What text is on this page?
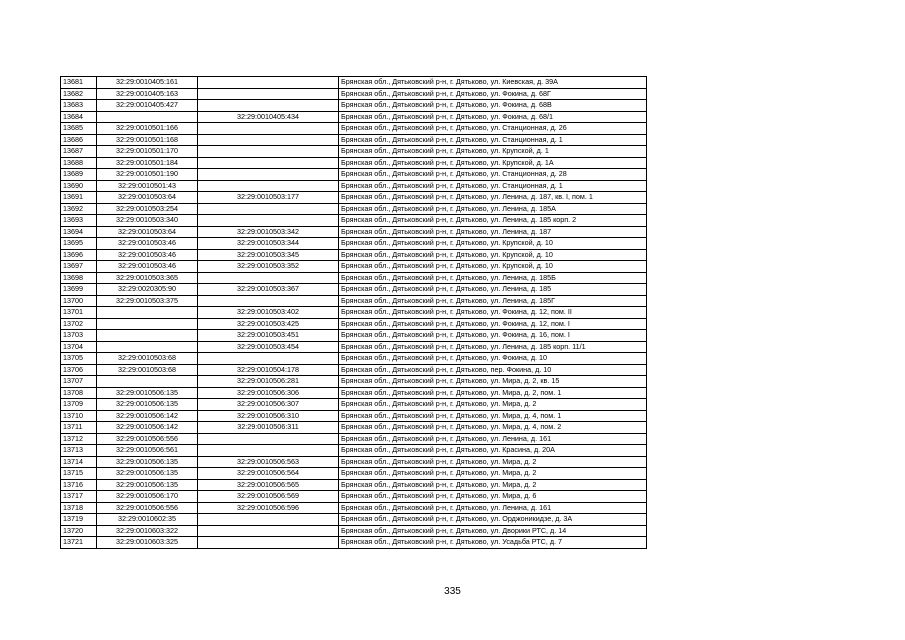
13681	32:29:0010405:161		Брянская обл., Дятьковский р-н, г. Дятьково, ул. Киевская, д. 39А
13682	32:29:0010405:163		Брянская обл., Дятьковский р-н, г. Дятьково, ул. Фокина, д. 68Г
13683	32:29:0010405:427		Брянская обл., Дятьковский р-н, г. Дятьково, ул. Фокина, д. 68В
13684		32:29:0010405:434	Брянская обл., Дятьковский р-н, г. Дятьково, ул. Фокина, д. 68/1
13685	32:29:0010501:166		Брянская обл., Дятьковский р-н, г. Дятьково, ул. Станционная, д. 26
13686	32:29:0010501:168		Брянская обл., Дятьковский р-н, г. Дятьково, ул. Станционная, д. 1
13687	32:29:0010501:170		Брянская обл., Дятьковский р-н, г. Дятьково, ул. Крупской, д. 1
13688	32:29:0010501:184		Брянская обл., Дятьковский р-н, г. Дятьково, ул. Крупской, д. 1А
13689	32:29:0010501:190		Брянская обл., Дятьковский р-н, г. Дятьково, ул. Станционная, д. 28
13690	32:29:0010501:43		Брянская обл., Дятьковский р-н, г. Дятьково, ул. Станционная, д. 1
13691	32:29:0010503:64	32:29:0010503:177	Брянская обл., Дятьковский р-н, г. Дятьково, ул. Ленина, д. 187, кв. I, пом. 1
13692	32:29:0010503:254		Брянская обл., Дятьковский р-н, г. Дятьково, ул. Ленина, д. 185А
13693	32:29:0010503:340		Брянская обл., Дятьковский р-н, г. Дятьково, ул. Ленина, д. 185 корп. 2
13694	32:29:0010503:64	32:29:0010503:342	Брянская обл., Дятьковский р-н, г. Дятьково, ул. Ленина, д. 187
13695	32:29:0010503:46	32:29:0010503:344	Брянская обл., Дятьковский р-н, г. Дятьково, ул. Крупской, д. 10
13696	32:29:0010503:46	32:29:0010503:345	Брянская обл., Дятьковский р-н, г. Дятьково, ул. Крупской, д. 10
13697	32:29:0010503:46	32:29:0010503:352	Брянская обл., Дятьковский р-н, г. Дятьково, ул. Крупской, д. 10
13698	32:29:0010503:365		Брянская обл., Дятьковский р-н, г. Дятьково, ул. Ленина, д. 185Б
13699	32:29:0020305:90	32:29:0010503:367	Брянская обл., Дятьковский р-н, г. Дятьково, ул. Ленина, д. 185
13700	32:29:0010503:375		Брянская обл., Дятьковский р-н, г. Дятьково, ул. Ленина, д. 185Г
13701		32:29:0010503:402	Брянская обл., Дятьковский р-н, г. Дятьково, ул. Фокина, д. 12, пом. II
13702		32:29:0010503:425	Брянская обл., Дятьковский р-н, г. Дятьково, ул. Фокина, д. 12, пом. I
13703		32:29:0010503:451	Брянская обл., Дятьковский р-н, г. Дятьково, ул. Фокина, д. 16, пом. I
13704		32:29:0010503:454	Брянская обл., Дятьковский р-н, г. Дятьково, ул. Ленина, д. 185 корп. 11/1
13705	32:29:0010503:68		Брянская обл., Дятьковский р-н, г. Дятьково, ул. Фокина, д. 10
13706	32:29:0010503:68	32:29:0010504:178	Брянская обл., Дятьковский р-н, г. Дятьково, пер. Фокина, д. 10
13707		32:29:0010506:281	Брянская обл., Дятьковский р-н, г. Дятьково, ул. Мира, д. 2, кв. 15
13708	32:29:0010506:135	32:29:0010506:306	Брянская обл., Дятьковский р-н, г. Дятьково, ул. Мира, д. 2, пом. 1
13709	32:29:0010506:135	32:29:0010506:307	Брянская обл., Дятьковский р-н, г. Дятьково, ул. Мира, д. 2
13710	32:29:0010506:142	32:29:0010506:310	Брянская обл., Дятьковский р-н, г. Дятьково, ул. Мира, д. 4, пом. 1
13711	32:29:0010506:142	32:29:0010506:311	Брянская обл., Дятьковский р-н, г. Дятьково, ул. Мира, д. 4, пом. 2
13712	32:29:0010506:556		Брянская обл., Дятьковский р-н, г. Дятьково, ул. Ленина, д. 161
13713	32:29:0010506:561		Брянская обл., Дятьковский р-н, г. Дятьково, ул. Красина, д. 20А
13714	32:29:0010506:135	32:29:0010506:563	Брянская обл., Дятьковский р-н, г. Дятьково, ул. Мира, д. 2
13715	32:29:0010506:135	32:29:0010506:564	Брянская обл., Дятьковский р-н, г. Дятьково, ул. Мира, д. 2
13716	32:29:0010506:135	32:29:0010506:565	Брянская обл., Дятьковский р-н, г. Дятьково, ул. Мира, д. 2
13717	32:29:0010506:170	32:29:0010506:569	Брянская обл., Дятьковский р-н, г. Дятьково, ул. Мира, д. 6
13718	32:29:0010506:556	32:29:0010506:596	Брянская обл., Дятьковский р-н, г. Дятьково, ул. Ленина, д. 161
13719	32:29:0010602:35		Брянская обл., Дятьковский р-н, г. Дятьково, ул. Орджоникидзе, д. 3А
13720	32:29:0010603:322		Брянская обл., Дятьковский р-н, г. Дятьково, ул. Дворики РТС, д. 14
13721	32:29:0010603:325		Брянская обл., Дятьковский р-н, г. Дятьково, ул. Усадьба РТС, д. 7
335
